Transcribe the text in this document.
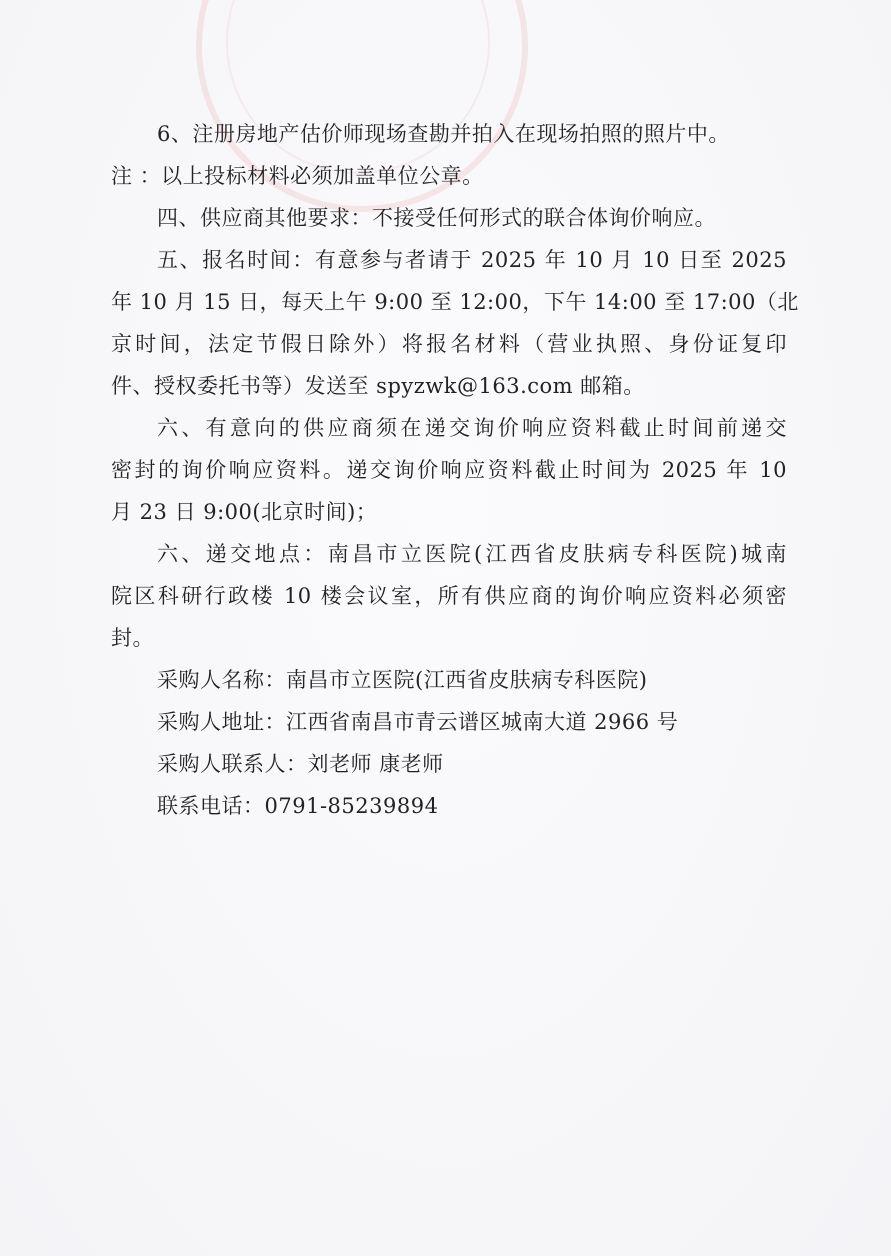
6、注册房地产估价师现场查勘并拍入在现场拍照的照片中。
注 ：以上投标材料必须加盖单位公章。
四、供应商其他要求：不接受任何形式的联合体询价响应。
五、报名时间：有意参与者请于 2025 年 10 月 10 日至 2025
年 10 月 15 日，每天上午 9:00 至 12:00，下午 14:00 至 17:00（北
京时间，法定节假日除外）将报名材料（营业执照、身份证复印
件、授权委托书等）发送至 spyzwk@163.com 邮箱。
六、有意向的供应商须在递交询价响应资料截止时间前递交
密封的询价响应资料。递交询价响应资料截止时间为 2025 年 10
月 23 日 9:00(北京时间)；
六、递交地点：南昌市立医院(江西省皮肤病专科医院)城南
院区科研行政楼 10 楼会议室，所有供应商的询价响应资料必须密
封。
采购人名称：南昌市立医院(江西省皮肤病专科医院)
采购人地址：江西省南昌市青云谱区城南大道 2966 号
采购人联系人：刘老师 康老师
联系电话：0791-85239894
